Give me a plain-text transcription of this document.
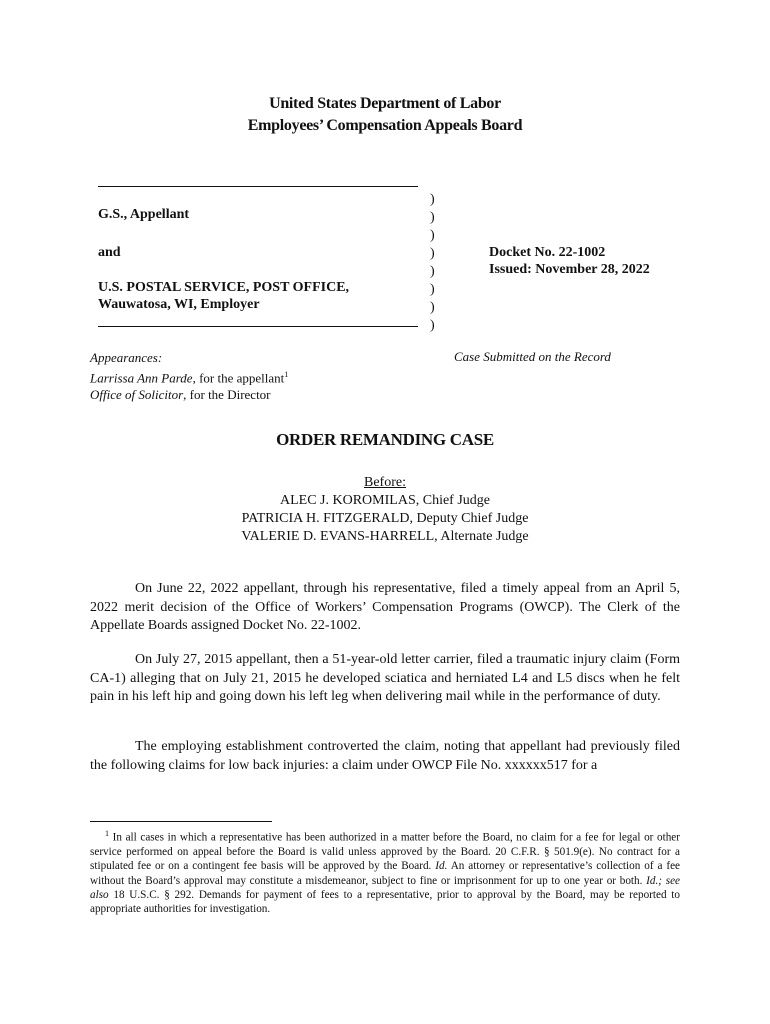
United States Department of Labor
Employees’ Compensation Appeals Board
G.S., Appellant
and
U.S. POSTAL SERVICE, POST OFFICE,
Wauwatosa, WI, Employer
)
)
)
)
)
)
)
)
Docket No. 22-1002
Issued: November 28, 2022
Appearances:
Larrissa Ann Parde, for the appellant$^1$
Office of Solicitor, for the Director
Case Submitted on the Record
ORDER REMANDING CASE
Before:
ALEC J. KOROMILAS, Chief Judge
PATRICIA H. FITZGERALD, Deputy Chief Judge
VALERIE D. EVANS-HARRELL, Alternate Judge

On June 22, 2022 appellant, through his representative, filed a timely appeal from an April 5, 2022 merit decision of the Office of Workers’ Compensation Programs (OWCP). The Clerk of the Appellate Boards assigned Docket No. 22-1002.

On July 27, 2015 appellant, then a 51-year-old letter carrier, filed a traumatic injury claim (Form CA-1) alleging that on July 21, 2015 he developed sciatica and herniated L4 and L5 discs when he felt pain in his left hip and going down his left leg when delivering mail while in the performance of duty.

The employing establishment controverted the claim, noting that appellant had previously filed the following claims for low back injuries: a claim under OWCP File No. xxxxxx517 for a

$^1$ In all cases in which a representative has been authorized in a matter before the Board, no claim for a fee for legal or other service performed on appeal before the Board is valid unless approved by the Board. 20 C.F.R. § 501.9(e). No contract for a stipulated fee or on a contingent fee basis will be approved by the Board. Id. An attorney or representative’s collection of a fee without the Board’s approval may constitute a misdemeanor, subject to fine or imprisonment for up to one year or both. Id.; see also 18 U.S.C. § 292. Demands for payment of fees to a representative, prior to approval by the Board, may be reported to appropriate authorities for investigation.
